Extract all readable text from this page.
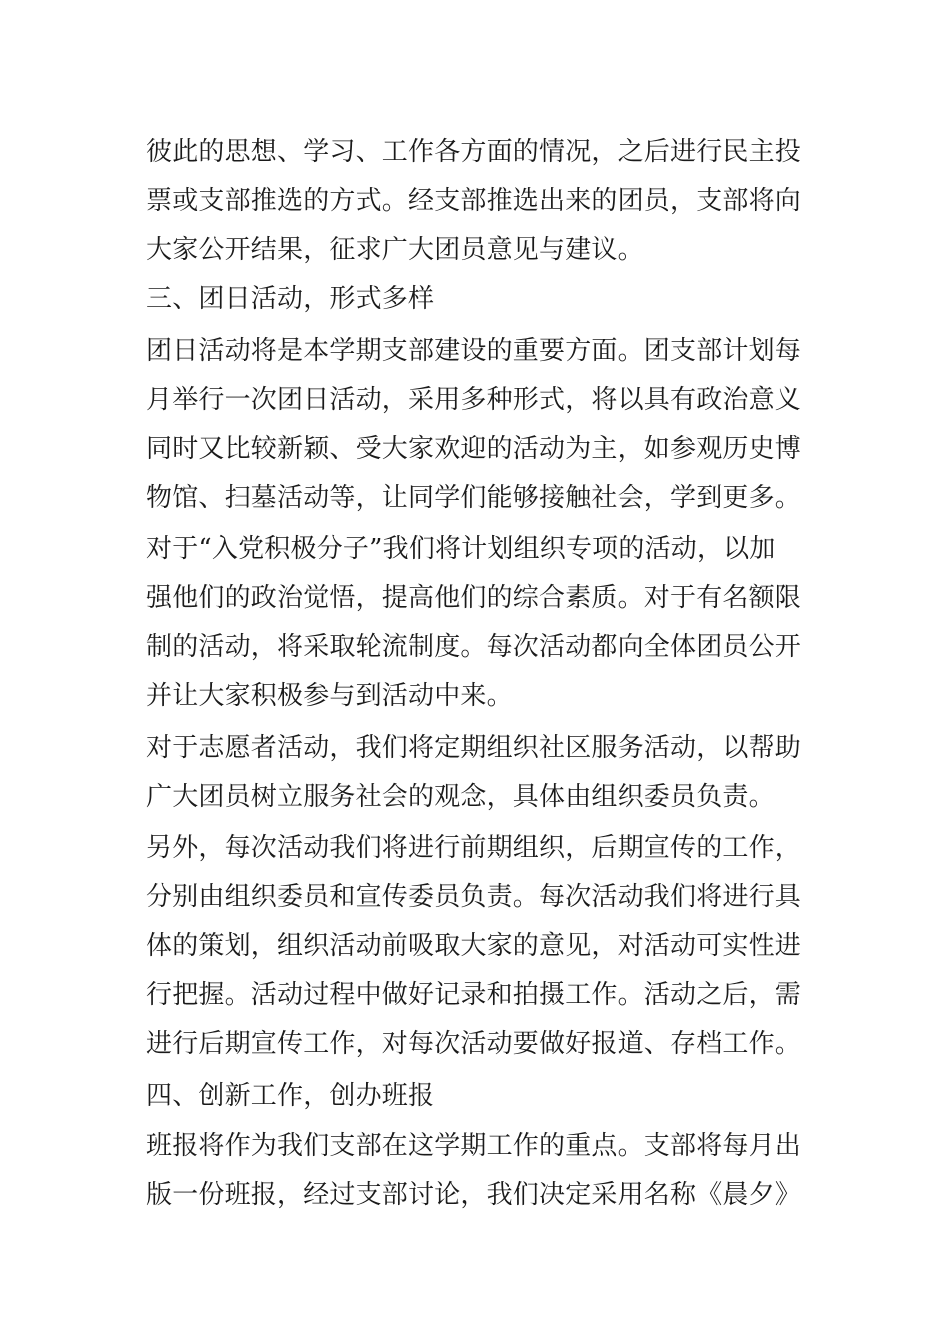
彼此的思想、学习、工作各方面的情况，之后进行民主投
票或支部推选的方式。经支部推选出来的团员，支部将向
大家公开结果，征求广大团员意见与建议。
三、团日活动，形式多样
团日活动将是本学期支部建设的重要方面。团支部计划每
月举行一次团日活动，采用多种形式，将以具有政治意义
同时又比较新颖、受大家欢迎的活动为主，如参观历史博
物馆、扫墓活动等，让同学们能够接触社会，学到更多。
对于“入党积极分子”我们将计划组织专项的活动，以加
强他们的政治觉悟，提高他们的综合素质。对于有名额限
制的活动，将采取轮流制度。每次活动都向全体团员公开
并让大家积极参与到活动中来。
对于志愿者活动，我们将定期组织社区服务活动，以帮助
广大团员树立服务社会的观念，具体由组织委员负责。
另外，每次活动我们将进行前期组织，后期宣传的工作，
分别由组织委员和宣传委员负责。每次活动我们将进行具
体的策划，组织活动前吸取大家的意见，对活动可实性进
行把握。活动过程中做好记录和拍摄工作。活动之后，需
进行后期宣传工作，对每次活动要做好报道、存档工作。
四、创新工作，创办班报
班报将作为我们支部在这学期工作的重点。支部将每月出
版一份班报，经过支部讨论，我们决定采用名称《晨夕》
